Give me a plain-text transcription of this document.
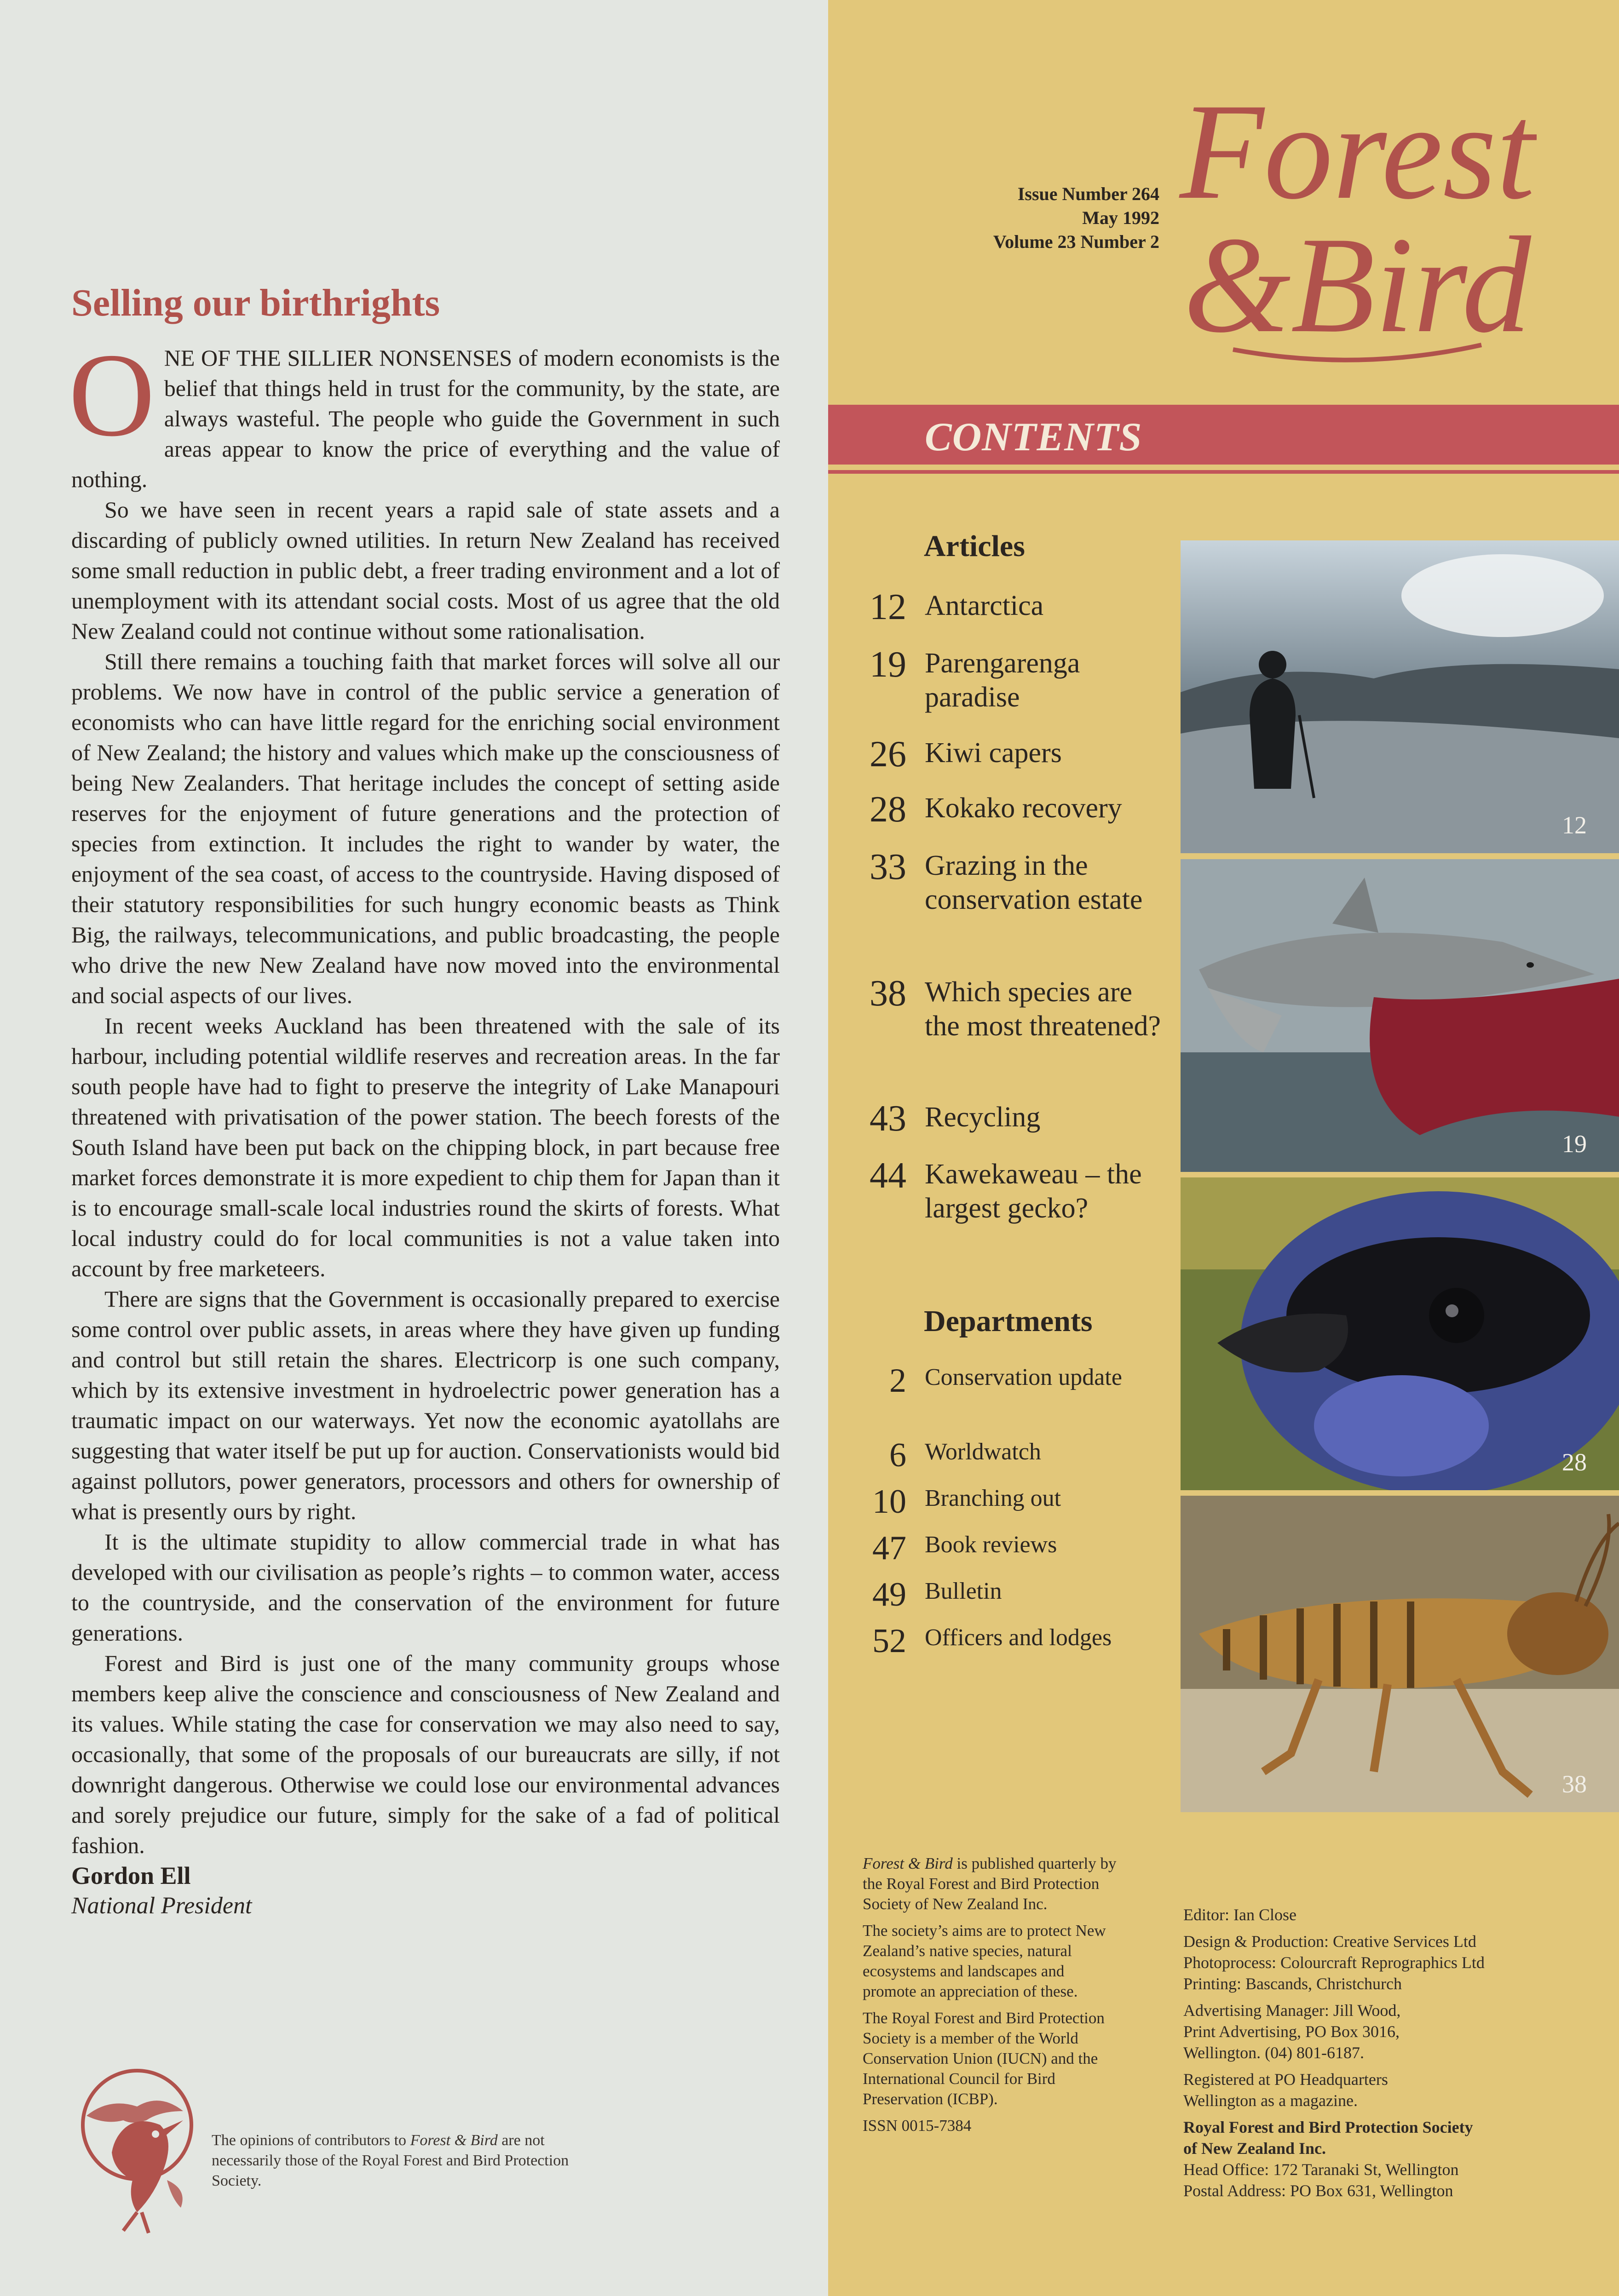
Selling our birthrights

ONE OF THE SILLIER NONSENSES of modern economists is the belief that things held in trust for the community, by the state, are always wasteful. The people who guide the Government in such areas appear to know the price of everything and the value of nothing.

So we have seen in recent years a rapid sale of state assets and a discarding of publicly owned utilities. In return New Zealand has received some small reduction in public debt, a freer trading environment and a lot of unemployment with its attendant social costs. Most of us agree that the old New Zealand could not continue without some rationalisation.

Still there remains a touching faith that market forces will solve all our problems. We now have in control of the public service a generation of economists who can have little regard for the enriching social environment of New Zealand; the history and values which make up the consciousness of being New Zealanders. That heritage includes the concept of setting aside reserves for the enjoyment of future generations and the protection of species from extinction. It includes the right to wander by water, the enjoyment of the sea coast, of access to the countryside. Having disposed of their statutory responsibilities for such hungry economic beasts as Think Big, the railways, telecommunications, and public broadcasting, the people who drive the new New Zealand have now moved into the environmental and social aspects of our lives.

In recent weeks Auckland has been threatened with the sale of its harbour, including potential wildlife reserves and recreation areas. In the far south people have had to fight to preserve the integrity of Lake Manapouri threatened with privatisation of the power station. The beech forests of the South Island have been put back on the chipping block, in part because free market forces demonstrate it is more expedient to chip them for Japan than it is to encourage small-scale local industries round the skirts of forests. What local industry could do for local communities is not a value taken into account by free marketeers.

There are signs that the Government is occasionally prepared to exercise some control over public assets, in areas where they have given up funding and control but still retain the shares. Electricorp is one such company, which by its extensive investment in hydroelectric power generation has a traumatic impact on our waterways. Yet now the economic ayatollahs are suggesting that water itself be put up for auction. Conservationists would bid against pollutors, power generators, processors and others for ownership of what is presently ours by right.

It is the ultimate stupidity to allow commercial trade in what has developed with our civilisation as people’s rights – to common water, access to the countryside, and the conservation of the environment for future generations.

Forest and Bird is just one of the many community groups whose members keep alive the conscience and consciousness of New Zealand and its values. While stating the case for conservation we may also need to say, occasionally, that some of the proposals of our bureaucrats are silly, if not downright dangerous. Otherwise we could lose our environmental advances and sorely prejudice our future, simply for the sake of a fad of political fashion.

Gordon Ell

National President

The opinions of contributors to Forest & Bird are not necessarily those of the Royal Forest and Bird Protection Society.
Issue Number 264
May 1992
Volume 23 Number 2
Forest
&Bird
CONTENTS
Articles
12 Antarctica
19 Parengarenga paradise
26 Kiwi capers
28 Kokako recovery
33 Grazing in the conservation estate
38 Which species are the most threatened?
43 Recycling
44 Kawekaweau – the largest gecko?
Departments
2 Conservation update
6 Worldwatch
10 Branching out
47 Book reviews
49 Bulletin
52 Officers and lodges
12
19
28
38

Forest & Bird is published quarterly by the Royal Forest and Bird Protection Society of New Zealand Inc.

The society’s aims are to protect New Zealand’s native species, natural ecosystems and landscapes and promote an appreciation of these.

The Royal Forest and Bird Protection Society is a member of the World Conservation Union (IUCN) and the International Council for Bird Preservation (ICBP).

ISSN 0015-7384

Editor: Ian Close

Design & Production: Creative Services Ltd
Photoprocess: Colourcraft Reprographics Ltd

Printing: Bascands, Christchurch

Advertising Manager: Jill Wood,
Print Advertising, PO Box 3016,

Wellington. (04) 801-6187.

Registered at PO Headquarters

Wellington as a magazine.

Royal Forest and Bird Protection Society
of New Zealand Inc.
Head Office: 172 Taranaki St, Wellington
Postal Address: PO Box 631, Wellington
